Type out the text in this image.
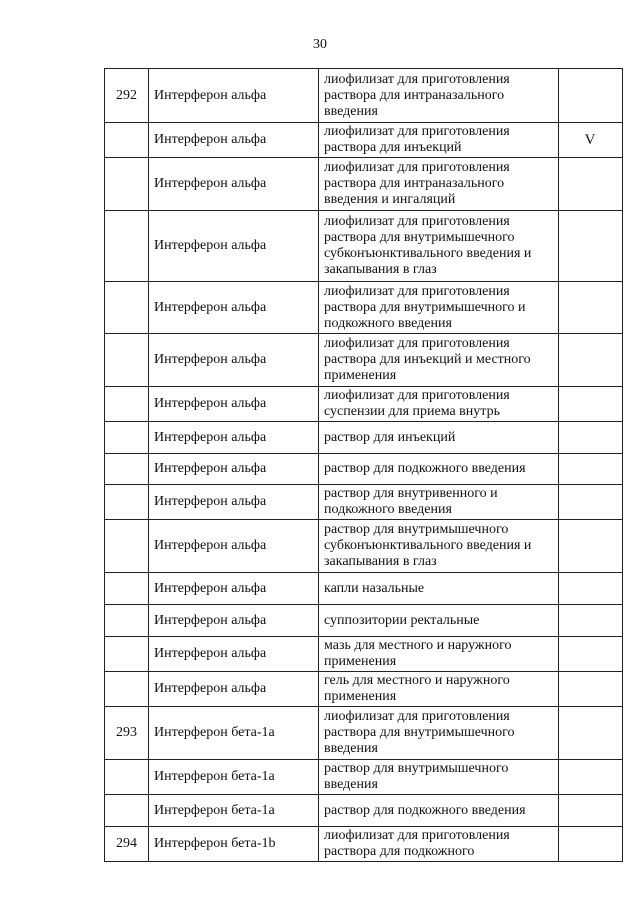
30
292	Интерферон альфа	лиофилизат для приготовления раствора для интраназального введения	
	Интерферон альфа	лиофилизат для приготовления раствора для инъекций	V
	Интерферон альфа	лиофилизат для приготовления раствора для интраназального введения и ингаляций	
	Интерферон альфа	лиофилизат для приготовления раствора для внутримышечного субконъюнктивального введения и закапывания в глаз	
	Интерферон альфа	лиофилизат для приготовления раствора для внутримышечного и подкожного введения	
	Интерферон альфа	лиофилизат для приготовления раствора для инъекций и местного применения	
	Интерферон альфа	лиофилизат для приготовления суспензии для приема внутрь	
	Интерферон альфа	раствор для инъекций	
	Интерферон альфа	раствор для подкожного введения	
	Интерферон альфа	раствор для внутривенного и подкожного введения	
	Интерферон альфа	раствор для внутримышечного субконъюнктивального введения и закапывания в глаз	
	Интерферон альфа	капли назальные	
	Интерферон альфа	суппозитории ректальные	
	Интерферон альфа	мазь для местного и наружного применения	
	Интерферон альфа	гель для местного и наружного применения	
293	Интерферон бета-1а	лиофилизат для приготовления раствора для внутримышечного введения	
	Интерферон бета-1а	раствор для внутримышечного введения	
	Интерферон бета-1а	раствор для подкожного введения	
294	Интерферон бета-1b	лиофилизат для приготовления раствора для подкожного	
